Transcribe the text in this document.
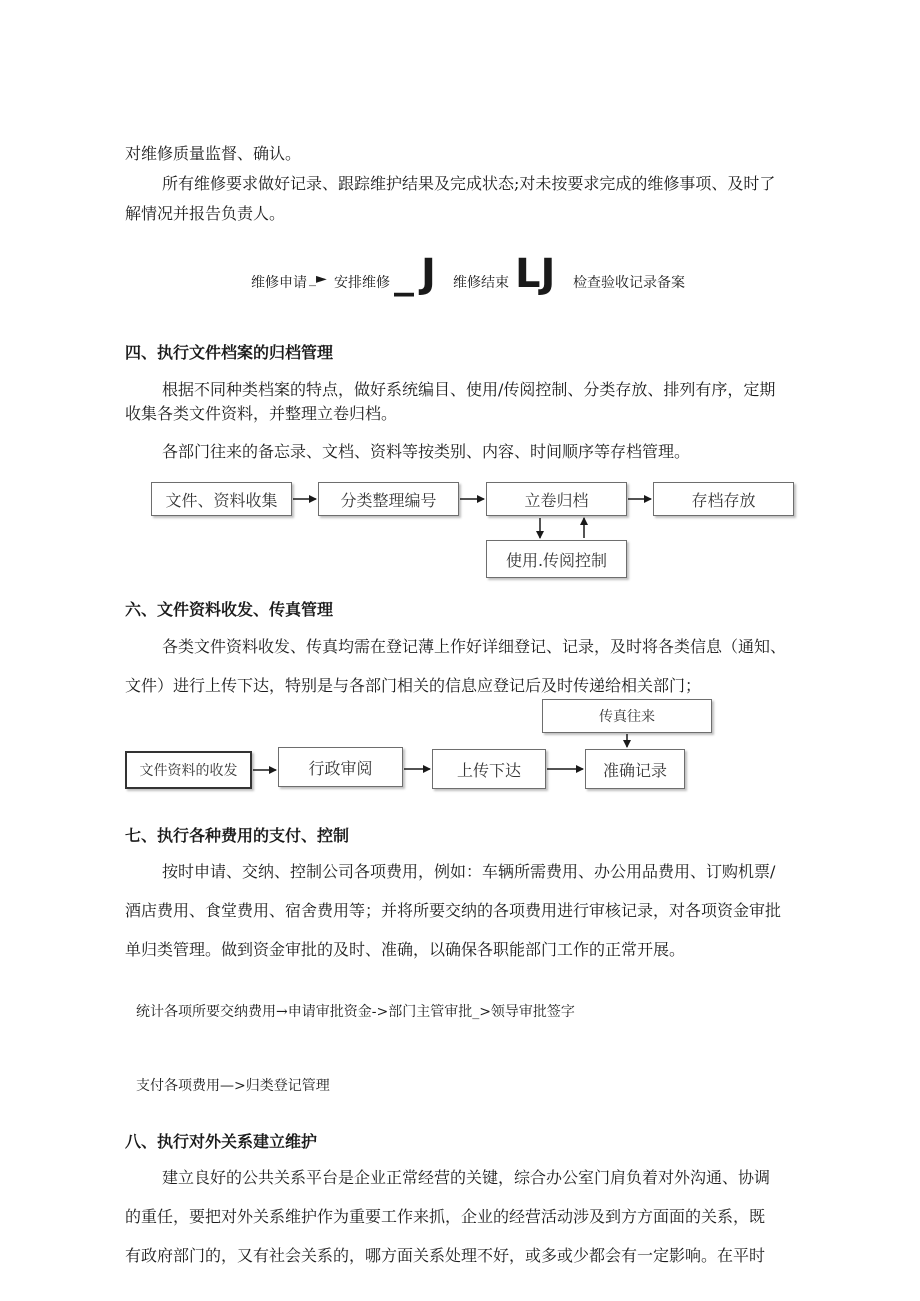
对维修质量监督、确认。
所有维修要求做好记录、跟踪维护结果及完成状态;对未按要求完成的维修事项、及时了
解情况并报告负责人。
维修申请 _► 安排维修 _ J 维修结束 LJ 检查验收记录备案
四、执行文件档案的归档管理
根据不同种类档案的特点，做好系统编目、使用/传阅控制、分类存放、排列有序，定期
收集各类文件资料，并整理立卷归档。
各部门往来的备忘录、文档、资料等按类别、内容、时间顺序等存档管理。
文件、资料收集	分类整理编号	立卷归档	存档存放
使用.传阅控制
六、文件资料收发、传真管理
各类文件资料收发、传真均需在登记薄上作好详细登记、记录，及时将各类信息（通知、
文件）进行上传下达，特别是与各部门相关的信息应登记后及时传递给相关部门；
传真往来
文件资料的收发	行政审阅	上传下达	准确记录
七、执行各种费用的支付、控制
按时申请、交纳、控制公司各项费用，例如：车辆所需费用、办公用品费用、订购机票/
酒店费用、食堂费用、宿舍费用等；并将所要交纳的各项费用进行审核记录，对各项资金审批
单归类管理。做到资金审批的及时、准确，以确保各职能部门工作的正常开展。
统计各项所要交纳费用→申请审批资金->部门主管审批_>领导审批签字
支付各项费用—>归类登记管理
八、执行对外关系建立维护
建立良好的公共关系平台是企业正常经营的关键，综合办公室门肩负着对外沟通、协调
的重任，要把对外关系维护作为重要工作来抓，企业的经营活动涉及到方方面面的关系，既
有政府部门的，又有社会关系的，哪方面关系处理不好，或多或少都会有一定影响。在平时
